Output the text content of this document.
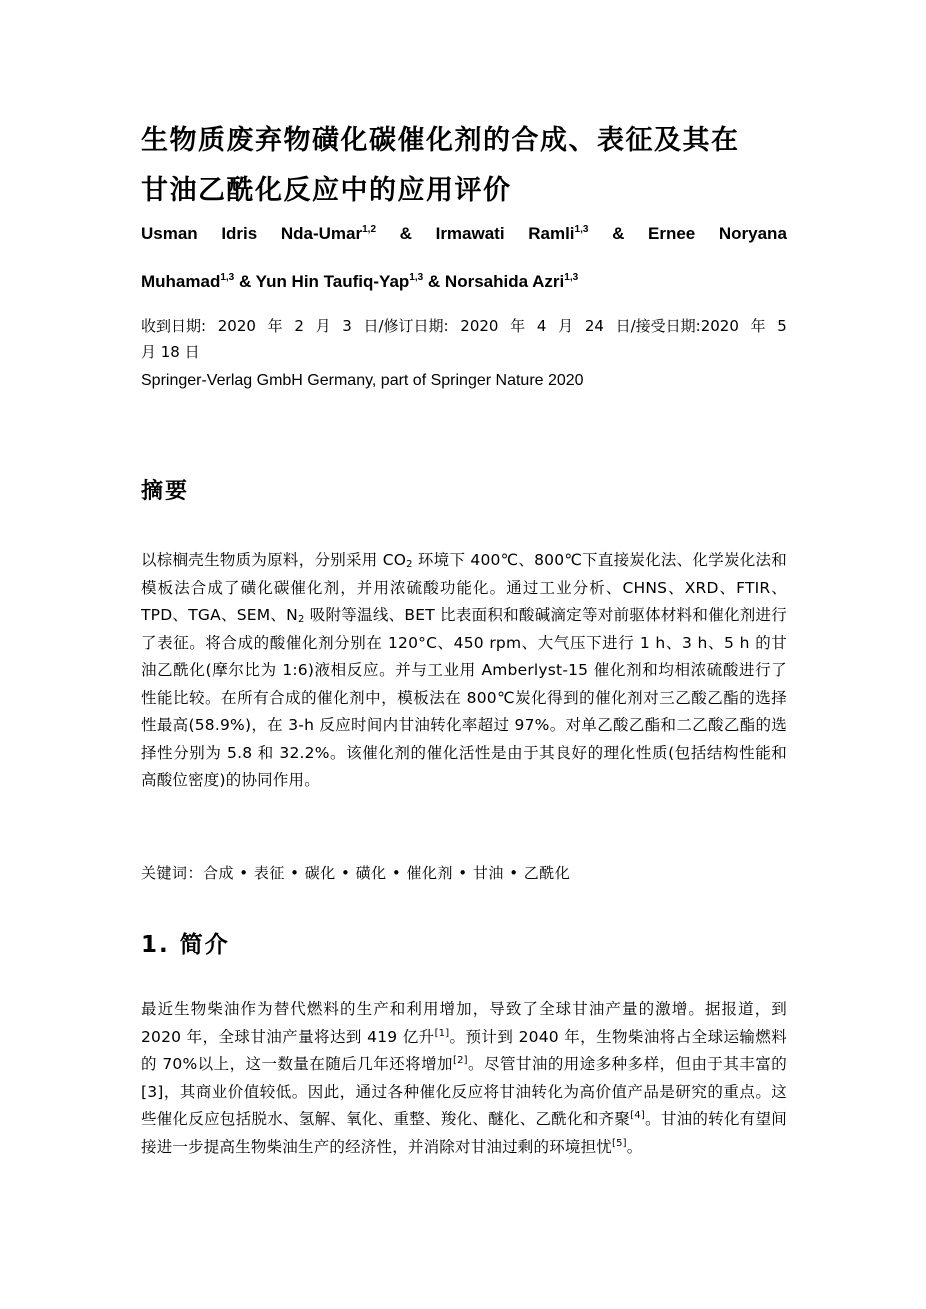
生物质废弃物磺化碳催化剂的合成、表征及其在
甘油乙酰化反应中的应用评价
Usman Idris Nda-Umar$^{1,2}$ & Irmawati Ramli$^{1,3}$ & Ernee Noryana
Muhamad$^{1,3}$ & Yun Hin Taufiq-Yap$^{1,3}$ & Norsahida Azri$^{1,3}$
收到日期: 2020 年 2 月 3 日/修订日期: 2020 年 4 月 24 日/接受日期:2020 年 5
月 18 日
Springer-Verlag GmbH Germany, part of Springer Nature 2020
摘要
以棕榈壳生物质为原料，分别采用 $CO_2$ 环境下 400℃、800℃下直接炭化法、化学炭化法和模板法合成了磺化碳催化剂，并用浓硫酸功能化。通过工业分析、CHNS、XRD、FTIR、TPD、TGA、SEM、$N_2$ 吸附等温线、BET 比表面积和酸碱滴定等对前驱体材料和催化剂进行了表征。将合成的酸催化剂分别在 120°C、450 rpm、大气压下进行 1 h、3 h、5 h 的甘油乙酰化(摩尔比为 1:6)液相反应。并与工业用 Amberlyst-15 催化剂和均相浓硫酸进行了性能比较。在所有合成的催化剂中，模板法在 800℃炭化得到的催化剂对三乙酸乙酯的选择性最高(58.9%)，在 3-h 反应时间内甘油转化率超过 97%。对单乙酸乙酯和二乙酸乙酯的选择性分别为 5.8 和 32.2%。该催化剂的催化活性是由于其良好的理化性质(包括结构性能和高酸位密度)的协同作用。
关键词：合成 • 表征 • 碳化 • 磺化 • 催化剂 • 甘油 • 乙酰化
1. 简介
最近生物柴油作为替代燃料的生产和利用增加，导致了全球甘油产量的激增。据报道，到 2020 年，全球甘油产量将达到 419 亿升[1]。预计到 2040 年，生物柴油将占全球运输燃料的 70%以上，这一数量在随后几年还将增加[2]。尽管甘油的用途多种多样，但由于其丰富的[3]，其商业价值较低。因此，通过各种催化反应将甘油转化为高价值产品是研究的重点。这些催化反应包括脱水、氢解、氧化、重整、羧化、醚化、乙酰化和齐聚[4]。甘油的转化有望间接进一步提高生物柴油生产的经济性，并消除对甘油过剩的环境担忧[5]。
